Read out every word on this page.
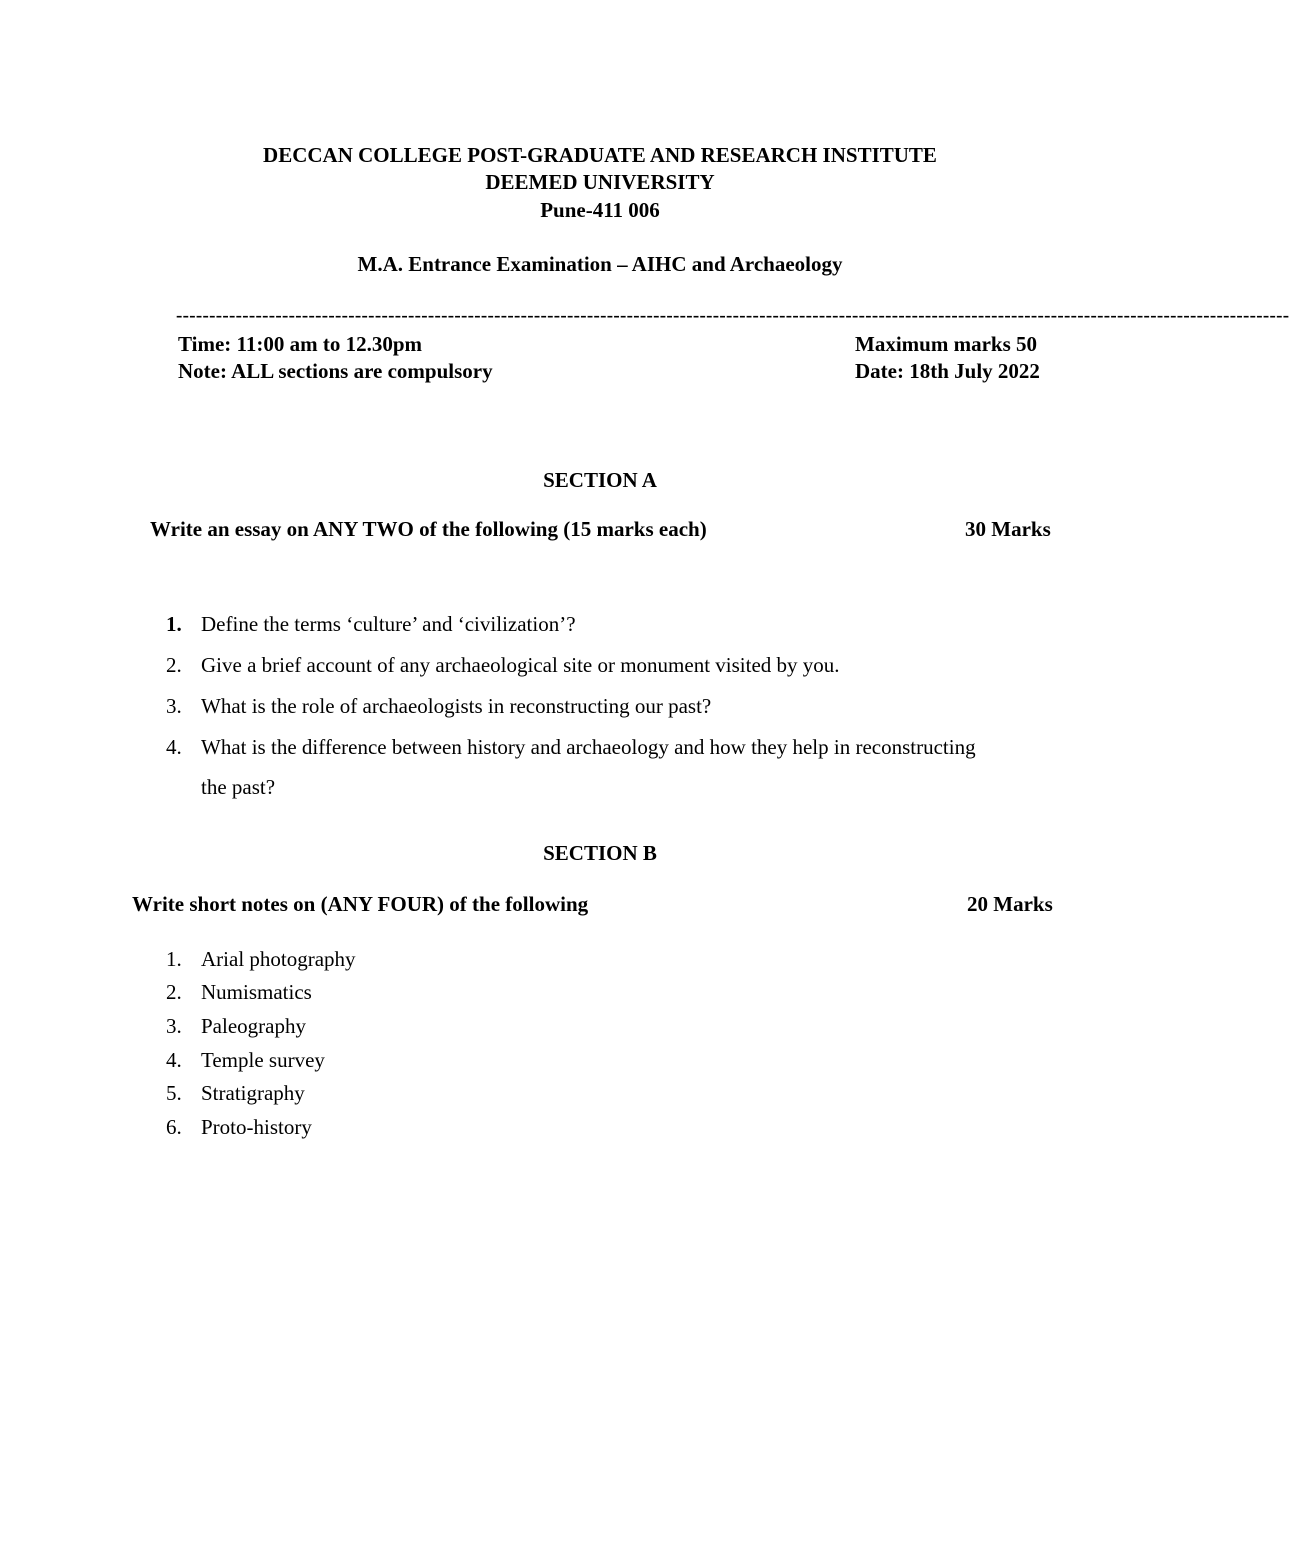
DECCAN COLLEGE POST-GRADUATE AND RESEARCH INSTITUTE
DEEMED UNIVERSITY
Pune-411 006
M.A. Entrance Examination – AIHC and Archaeology
------------------------------------------------------------------------------------------------------------------------------------------------------------------------
Time: 11:00 am to 12.30pm	Maximum marks 50
Note: ALL sections are compulsory	Date: 18th July 2022
SECTION A
Write an essay on ANY TWO of the following (15 marks each)	30 Marks
1. Define the terms ‘culture’ and ‘civilization’?
2. Give a brief account of any archaeological site or monument visited by you.
3. What is the role of archaeologists in reconstructing our past?
4. What is the difference between history and archaeology and how they help in reconstructing
the past?
SECTION B
Write short notes on (ANY FOUR) of the following	20 Marks
1. Arial photography
2. Numismatics
3. Paleography
4. Temple survey
5. Stratigraphy
6. Proto-history
